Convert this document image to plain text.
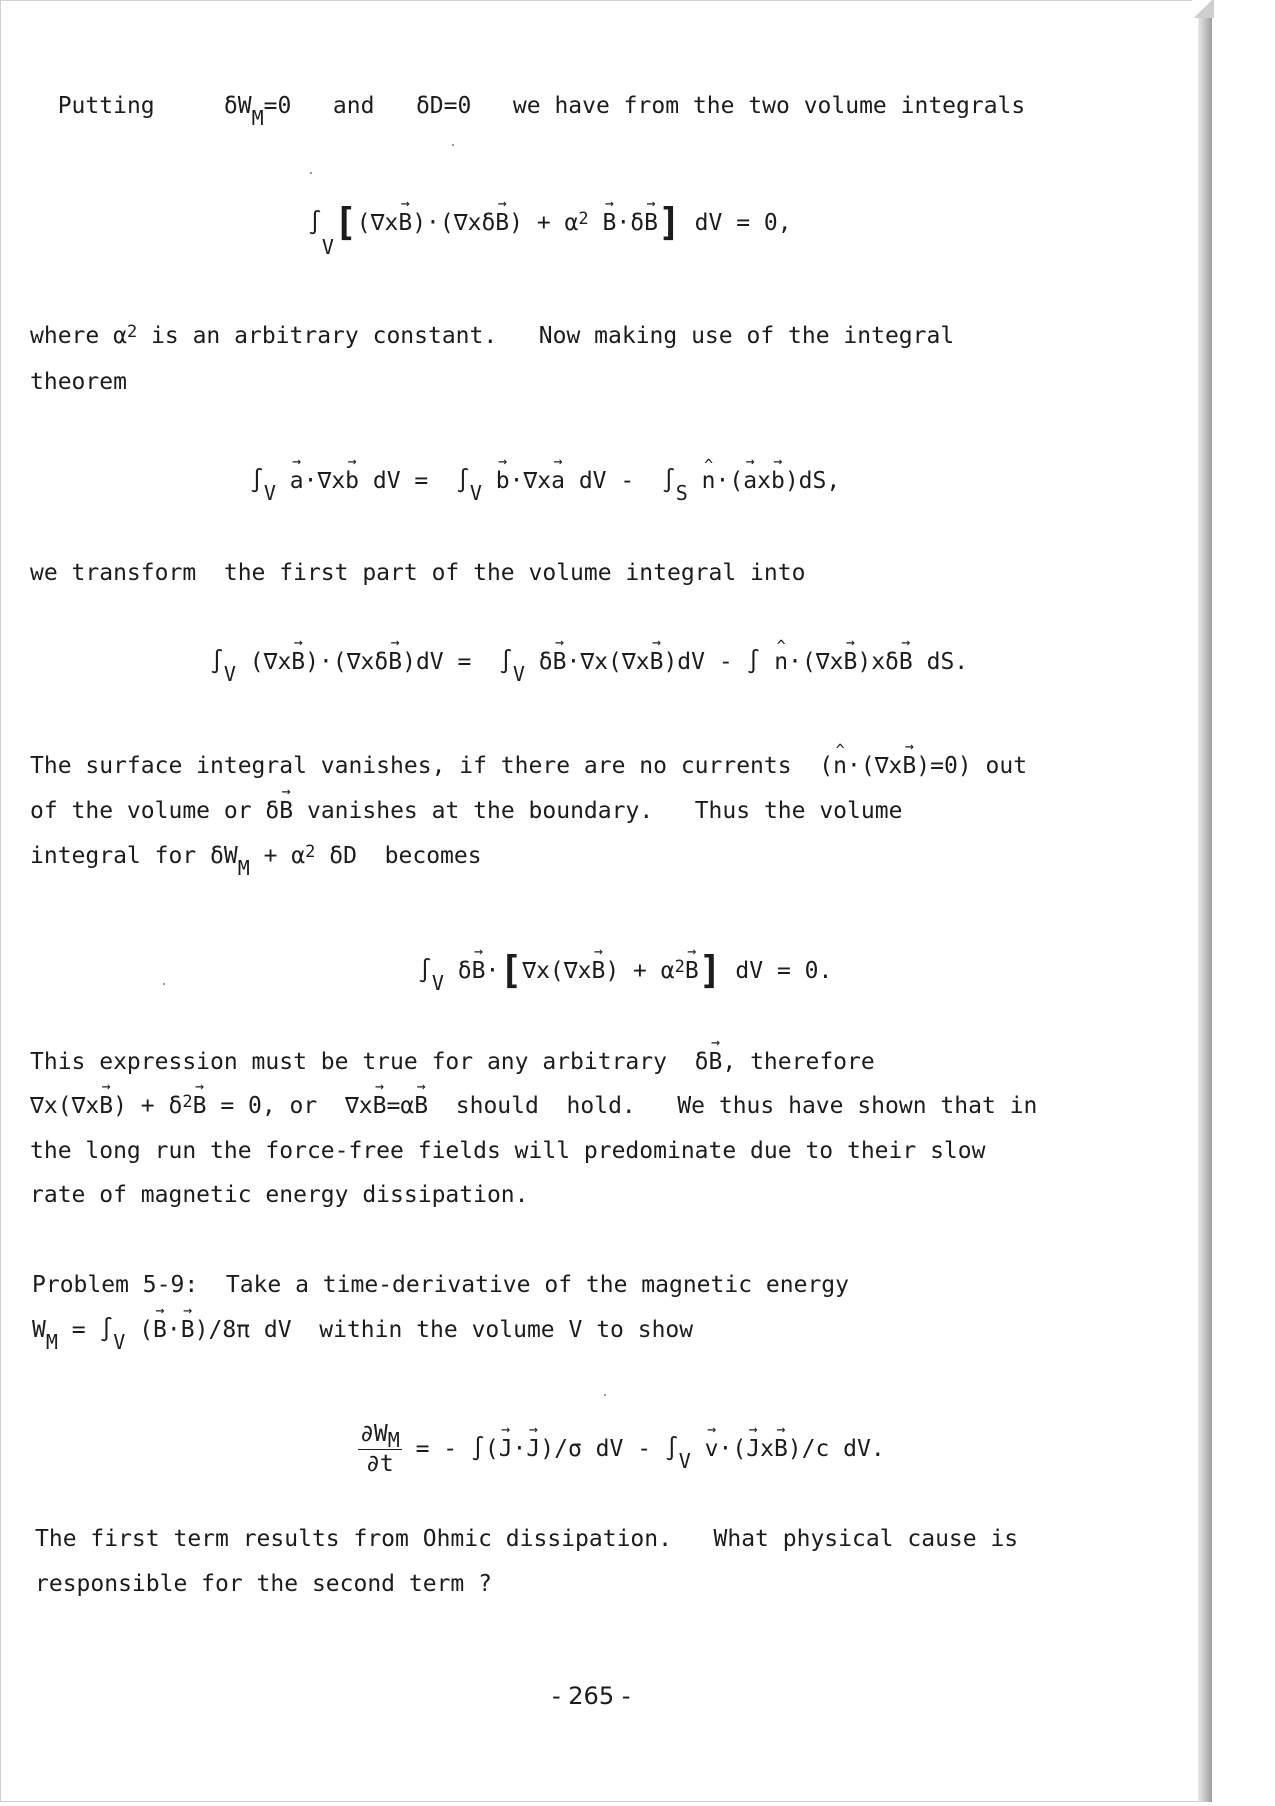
Putting     δWM=0   and   δD=0   we have from the two volume integrals

$\int V[(\nabla x\to B)\cdot(\nabla x\delta\to B) + \alpha^2 \to B\cdot\delta\to B]$ dV = 0,
where $\alpha^2$ is an arbitrary constant.   Now making use of the integral
theorem
∫V → a·∇x→ b dV =  ∫V → b·∇x→ a dV -  ∫S ^ n·(→ ax→ b)dS,
we transform  the first part of the volume integral into
∫V (∇x→ B)·(∇xδ→ B)dV =  ∫V δ→ B·∇x(∇x→ B)dV - ∫ ^ n·(∇x→ B)xδ→ B dS.
The surface integral vanishes, if there are no currents  (^ n·(∇x→ B)=0) out
of the volume or δ→ B vanishes at the boundary.   Thus the volume
integral for $\delta WM + \alpha^2$ δD  becomes
∫V $\delta\to B\cdot[\nabla x(\nabla x\to B) + \alpha^2\to B]$ dV = 0.
This expression must be true for any arbitrary  δ→ B, therefore
$\nabla x(\nabla x\to B) + \delta^2\to B = 0$, or  ∇x→ B=α→ B should  hold.   We thus have shown that in
the long run the force-free fields will predominate due to their slow
rate of magnetic energy dissipation.
Problem 5-9:  Take a time-derivative of the magnetic energy
WM = ∫V (→ B·→ B)/8π dV  within the volume V to show
$\frac{\partial WM}{\partial t}$ = - ∫(→ J·→ J)/σ dV - ∫V → v·(→ Jx→ B)/c dV.
The first term results from Ohmic dissipation.   What physical cause is
responsible for the second term ?
- 265 -
